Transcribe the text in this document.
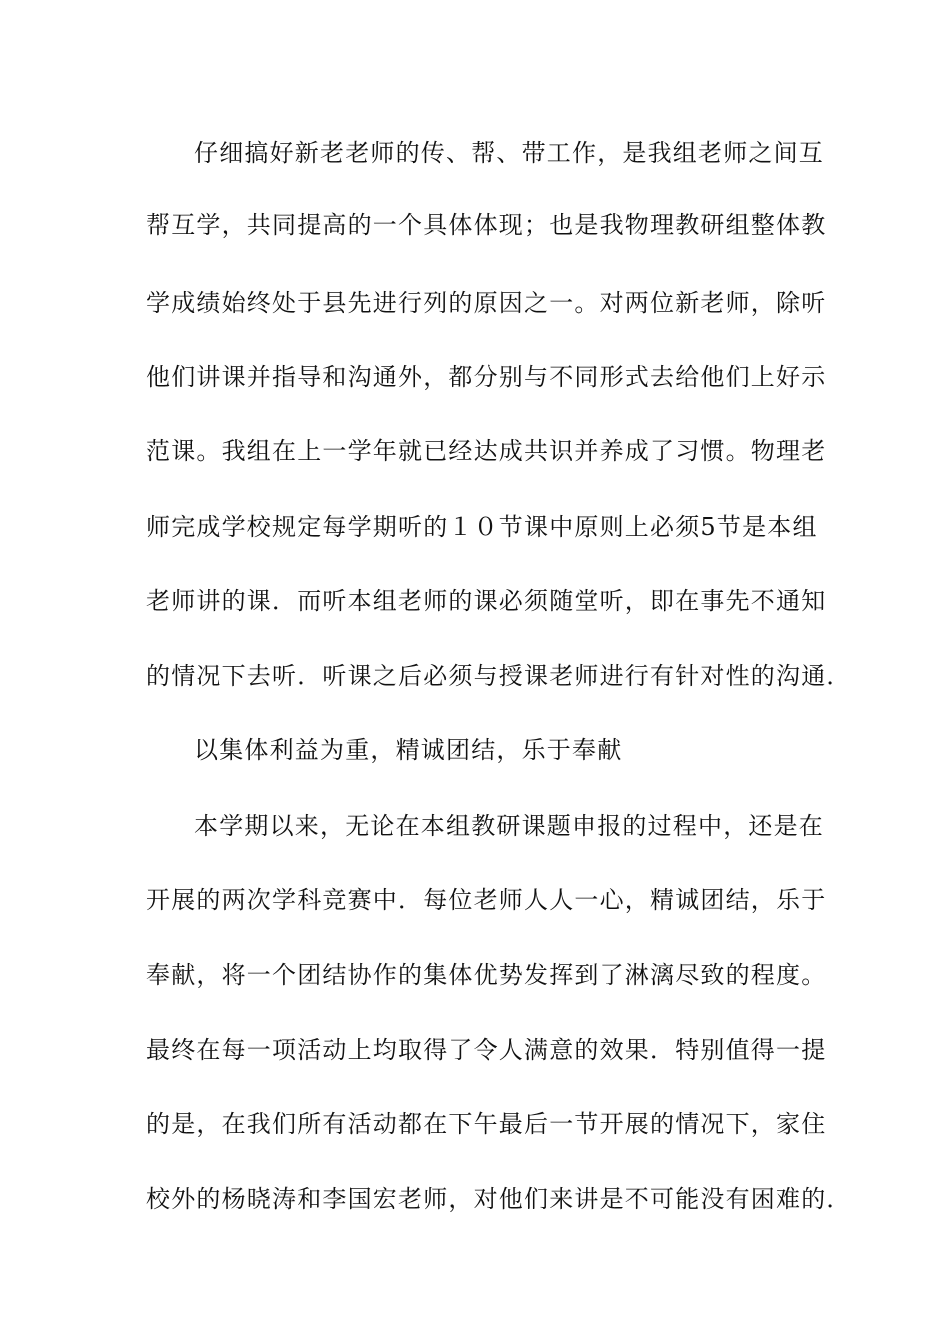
仔细搞好新老老师的传、帮、带工作，是我组老师之间互
帮互学，共同提高的一个具体体现；也是我物理教研组整体教
学成绩始终处于县先进行列的原因之一。对两位新老师，除听
他们讲课并指导和沟通外，都分别与不同形式去给他们上好示
范课。我组在上一学年就已经达成共识并养成了习惯。物理老
师完成学校规定每学期听的１０节课中原则上必须5节是本组
老师讲的课．而听本组老师的课必须随堂听，即在事先不通知
的情况下去听．听课之后必须与授课老师进行有针对性的沟通．
以集体利益为重，精诚团结，乐于奉献
本学期以来，无论在本组教研课题申报的过程中，还是在
开展的两次学科竞赛中．每位老师人人一心，精诚团结，乐于
奉献，将一个团结协作的集体优势发挥到了淋漓尽致的程度。
最终在每一项活动上均取得了令人满意的效果．特别值得一提
的是，在我们所有活动都在下午最后一节开展的情况下，家住
校外的杨晓涛和李国宏老师，对他们来讲是不可能没有困难的．
